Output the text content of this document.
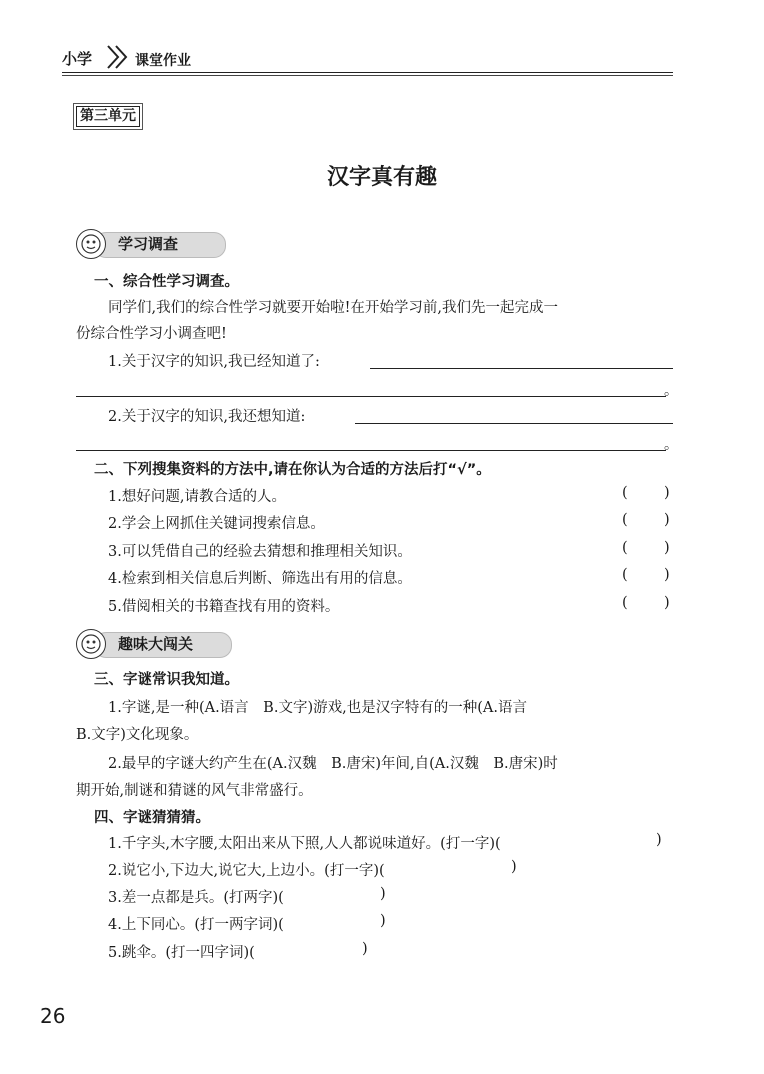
小学	课堂作业
第三单元
汉字真有趣
学习调查
一、综合性学习调查。
同学们,我们的综合性学习就要开始啦!在开始学习前,我们先一起完成一
份综合性学习小调查吧!
1.关于汉字的知识,我已经知道了:
。
2.关于汉字的知识,我还想知道:
。
二、下列搜集资料的方法中,请在你认为合适的方法后打“√”。
1.想好问题,请教合适的人。	(	)
2.学会上网抓住关键词搜索信息。	(	)
3.可以凭借自己的经验去猜想和推理相关知识。	(	)
4.检索到相关信息后判断、筛选出有用的信息。	(	)
5.借阅相关的书籍查找有用的资料。	(	)
趣味大闯关
三、字谜常识我知道。
1.字谜,是一种(A.语言　B.文字)游戏,也是汉字特有的一种(A.语言
B.文字)文化现象。
2.最早的字谜大约产生在(A.汉魏　B.唐宋)年间,自(A.汉魏　B.唐宋)时
期开始,制谜和猜谜的风气非常盛行。
四、字谜猜猜猜。
1.千字头,木字腰,太阳出来从下照,人人都说味道好。(打一字)(	)
2.说它小,下边大,说它大,上边小。(打一字)(	)
3.差一点都是兵。(打两字)(	)
4.上下同心。(打一两字词)(	)
5.跳伞。(打一四字词)(	)
26
